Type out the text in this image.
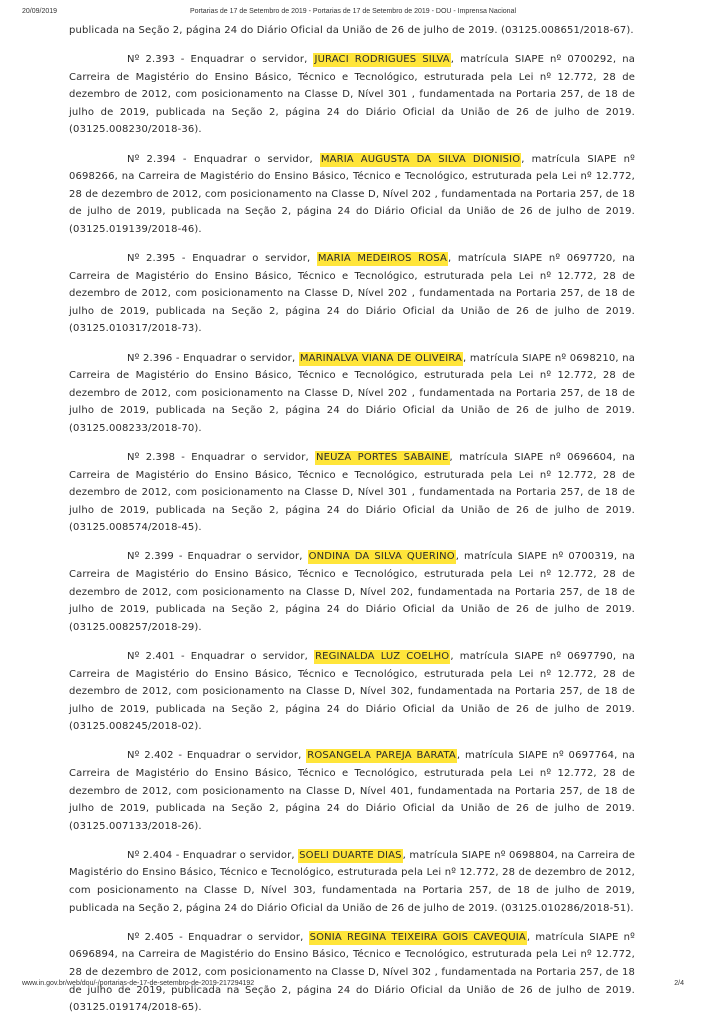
20/09/2019	Portarias de 17 de Setembro de 2019 - Portarias de 17 de Setembro de 2019 - DOU - Imprensa Nacional

publicada na Seção 2, página 24 do Diário Oficial da União de 26 de julho de 2019. (03125.008651/2018-67).

Nº 2.393 - Enquadrar o servidor, JURACI RODRIGUES SILVA, matrícula SIAPE nº 0700292, na Carreira de Magistério do Ensino Básico, Técnico e Tecnológico, estruturada pela Lei nº 12.772, 28 de dezembro de 2012, com posicionamento na Classe D, Nível 301 , fundamentada na Portaria 257, de 18 de julho de 2019, publicada na Seção 2, página 24 do Diário Oficial da União de 26 de julho de 2019. (03125.008230/2018-36).

Nº 2.394 - Enquadrar o servidor, MARIA AUGUSTA DA SILVA DIONISIO, matrícula SIAPE nº 0698266, na Carreira de Magistério do Ensino Básico, Técnico e Tecnológico, estruturada pela Lei nº 12.772, 28 de dezembro de 2012, com posicionamento na Classe D, Nível 202 , fundamentada na Portaria 257, de 18 de julho de 2019, publicada na Seção 2, página 24 do Diário Oficial da União de 26 de julho de 2019. (03125.019139/2018-46).

Nº 2.395 - Enquadrar o servidor, MARIA MEDEIROS ROSA, matrícula SIAPE nº 0697720, na Carreira de Magistério do Ensino Básico, Técnico e Tecnológico, estruturada pela Lei nº 12.772, 28 de dezembro de 2012, com posicionamento na Classe D, Nível 202 , fundamentada na Portaria 257, de 18 de julho de 2019, publicada na Seção 2, página 24 do Diário Oficial da União de 26 de julho de 2019. (03125.010317/2018-73).

Nº 2.396 - Enquadrar o servidor, MARINALVA VIANA DE OLIVEIRA, matrícula SIAPE nº 0698210, na Carreira de Magistério do Ensino Básico, Técnico e Tecnológico, estruturada pela Lei nº 12.772, 28 de dezembro de 2012, com posicionamento na Classe D, Nível 202 , fundamentada na Portaria 257, de 18 de julho de 2019, publicada na Seção 2, página 24 do Diário Oficial da União de 26 de julho de 2019. (03125.008233/2018-70).

Nº 2.398 - Enquadrar o servidor, NEUZA PORTES SABAINE, matrícula SIAPE nº 0696604, na Carreira de Magistério do Ensino Básico, Técnico e Tecnológico, estruturada pela Lei nº 12.772, 28 de dezembro de 2012, com posicionamento na Classe D, Nível 301 , fundamentada na Portaria 257, de 18 de julho de 2019, publicada na Seção 2, página 24 do Diário Oficial da União de 26 de julho de 2019. (03125.008574/2018-45).

Nº 2.399 - Enquadrar o servidor, ONDINA DA SILVA QUERINO, matrícula SIAPE nº 0700319, na Carreira de Magistério do Ensino Básico, Técnico e Tecnológico, estruturada pela Lei nº 12.772, 28 de dezembro de 2012, com posicionamento na Classe D, Nível 202, fundamentada na Portaria 257, de 18 de julho de 2019, publicada na Seção 2, página 24 do Diário Oficial da União de 26 de julho de 2019. (03125.008257/2018-29).

Nº 2.401 - Enquadrar o servidor, REGINALDA LUZ COELHO, matrícula SIAPE nº 0697790, na Carreira de Magistério do Ensino Básico, Técnico e Tecnológico, estruturada pela Lei nº 12.772, 28 de dezembro de 2012, com posicionamento na Classe D, Nível 302, fundamentada na Portaria 257, de 18 de julho de 2019, publicada na Seção 2, página 24 do Diário Oficial da União de 26 de julho de 2019. (03125.008245/2018-02).

Nº 2.402 - Enquadrar o servidor, ROSANGELA PAREJA BARATA, matrícula SIAPE nº 0697764, na Carreira de Magistério do Ensino Básico, Técnico e Tecnológico, estruturada pela Lei nº 12.772, 28 de dezembro de 2012, com posicionamento na Classe D, Nível 401, fundamentada na Portaria 257, de 18 de julho de 2019, publicada na Seção 2, página 24 do Diário Oficial da União de 26 de julho de 2019. (03125.007133/2018-26).

Nº 2.404 - Enquadrar o servidor, SOELI DUARTE DIAS, matrícula SIAPE nº 0698804, na Carreira de Magistério do Ensino Básico, Técnico e Tecnológico, estruturada pela Lei nº 12.772, 28 de dezembro de 2012, com posicionamento na Classe D, Nível 303, fundamentada na Portaria 257, de 18 de julho de 2019, publicada na Seção 2, página 24 do Diário Oficial da União de 26 de julho de 2019. (03125.010286/2018-51).

Nº 2.405 - Enquadrar o servidor, SONIA REGINA TEIXEIRA GOIS CAVEQUIA, matrícula SIAPE nº 0696894, na Carreira de Magistério do Ensino Básico, Técnico e Tecnológico, estruturada pela Lei nº 12.772, 28 de dezembro de 2012, com posicionamento na Classe D, Nível 302 , fundamentada na Portaria 257, de 18 de julho de 2019, publicada na Seção 2, página 24 do Diário Oficial da União de 26 de julho de 2019. (03125.019174/2018-65).

www.in.gov.br/web/dou/-/portarias-de-17-de-setembro-de-2019-217294192	2/4
